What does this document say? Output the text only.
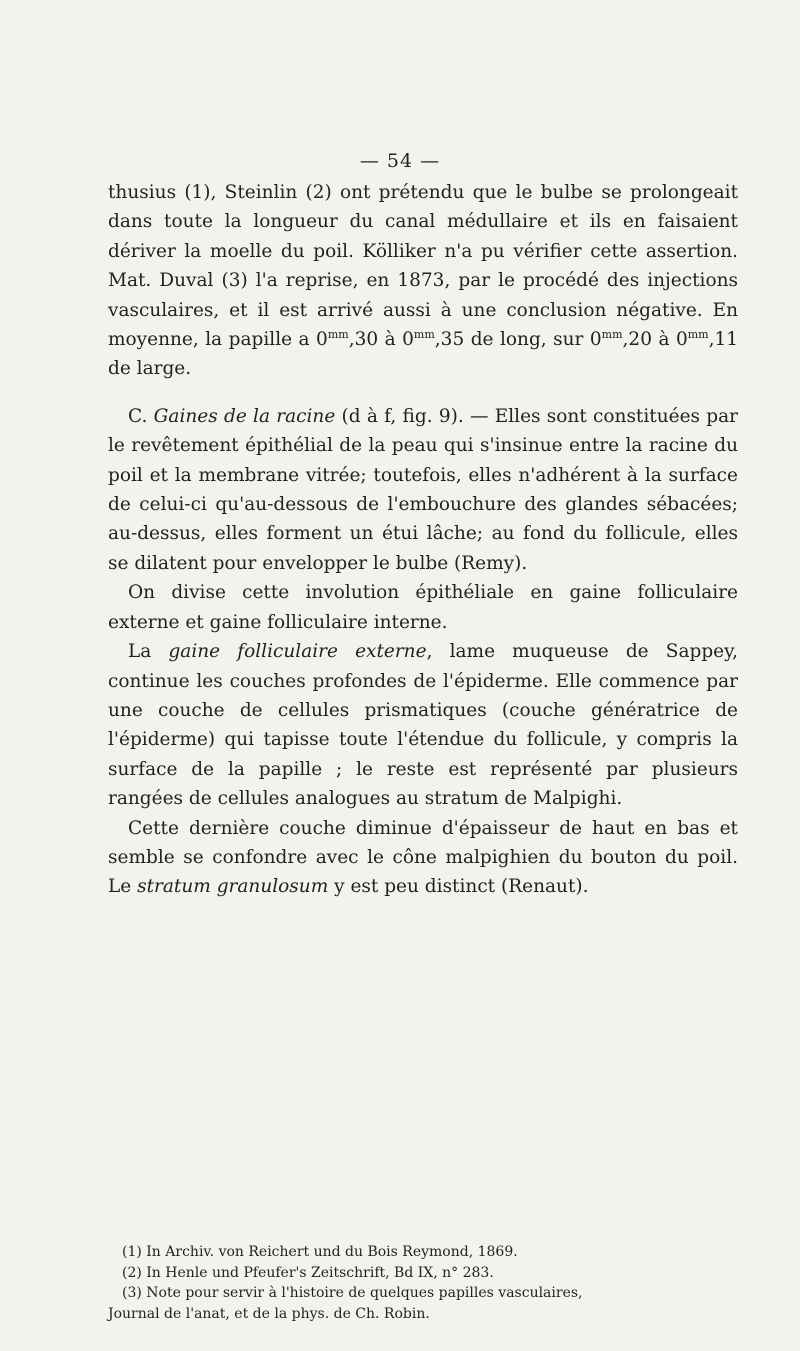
— 54 —

thusius (1), Steinlin (2) ont prétendu que le bulbe se prolongeait dans toute la longueur du canal médullaire et ils en faisaient dériver la moelle du poil. Kölliker n'a pu vérifier cette assertion. Mat. Duval (3) l'a reprise, en 1873, par le procédé des injections vasculaires, et il est arrivé aussi à une conclusion négative. En moyenne, la papille a $0^{mm},30$ à $0^{mm},35$ de long, sur $0^{mm},20$ à $0^{mm},11$ de large.

C. Gaines de la racine (d à f, fig. 9). — Elles sont constituées par le revêtement épithélial de la peau qui s'insinue entre la racine du poil et la membrane vitrée; toutefois, elles n'adhérent à la surface de celui-ci qu'au-dessous de l'embouchure des glandes sébacées; au-dessus, elles forment un étui lâche; au fond du follicule, elles se dilatent pour envelopper le bulbe (Remy).

On divise cette involution épithéliale en gaine folliculaire externe et gaine folliculaire interne.

La gaine folliculaire externe, lame muqueuse de Sappey, continue les couches profondes de l'épiderme. Elle commence par une couche de cellules prismatiques (couche génératrice de l'épiderme) qui tapisse toute l'étendue du follicule, y compris la surface de la papille ; le reste est représenté par plusieurs rangées de cellules analogues au stratum de Malpighi.

Cette dernière couche diminue d'épaisseur de haut en bas et semble se confondre avec le cône malpighien du bouton du poil. Le stratum granulosum y est peu distinct (Renaut).

(1) In Archiv. von Reichert und du Bois Reymond, 1869.

(2) In Henle und Pfeufer's Zeitschrift, Bd IX, n° 283.

(3) Note pour servir à l'histoire de quelques papilles vasculaires,

Journal de l'anat, et de la phys. de Ch. Robin.
